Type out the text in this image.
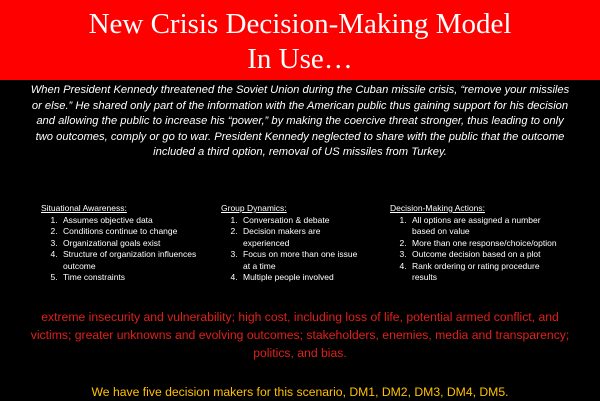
New Crisis Decision-Making Model
In Use…
When President Kennedy threatened the Soviet Union during the Cuban missile crisis, “remove your missiles or else.” He shared only part of the information with the American public thus gaining support for his decision and allowing the public to increase his “power,” by making the coercive threat stronger, thus leading to only two outcomes, comply or go to war. President Kennedy neglected to share with the public that the outcome included a third option, removal of US missiles from Turkey.
Situational Awareness:
1. Assumes objective data
2. Conditions continue to change
3. Organizational goals exist
4. Structure of organization influences outcome
5. Time constraints
Group Dynamics:
1. Conversation & debate
2. Decision makers are experienced
3. Focus on more than one issue at a time
4. Multiple people involved
Decision-Making Actions:
1. All options are assigned a number based on value
2. More than one response/choice/option
3. Outcome decision based on a plot
4. Rank ordering or rating procedure results
extreme insecurity and vulnerability; high cost, including loss of life, potential armed conflict, and victims; greater unknowns and evolving outcomes; stakeholders, enemies, media and transparency; politics, and bias.
We have five decision makers for this scenario, DM1, DM2, DM3, DM4, DM5.
